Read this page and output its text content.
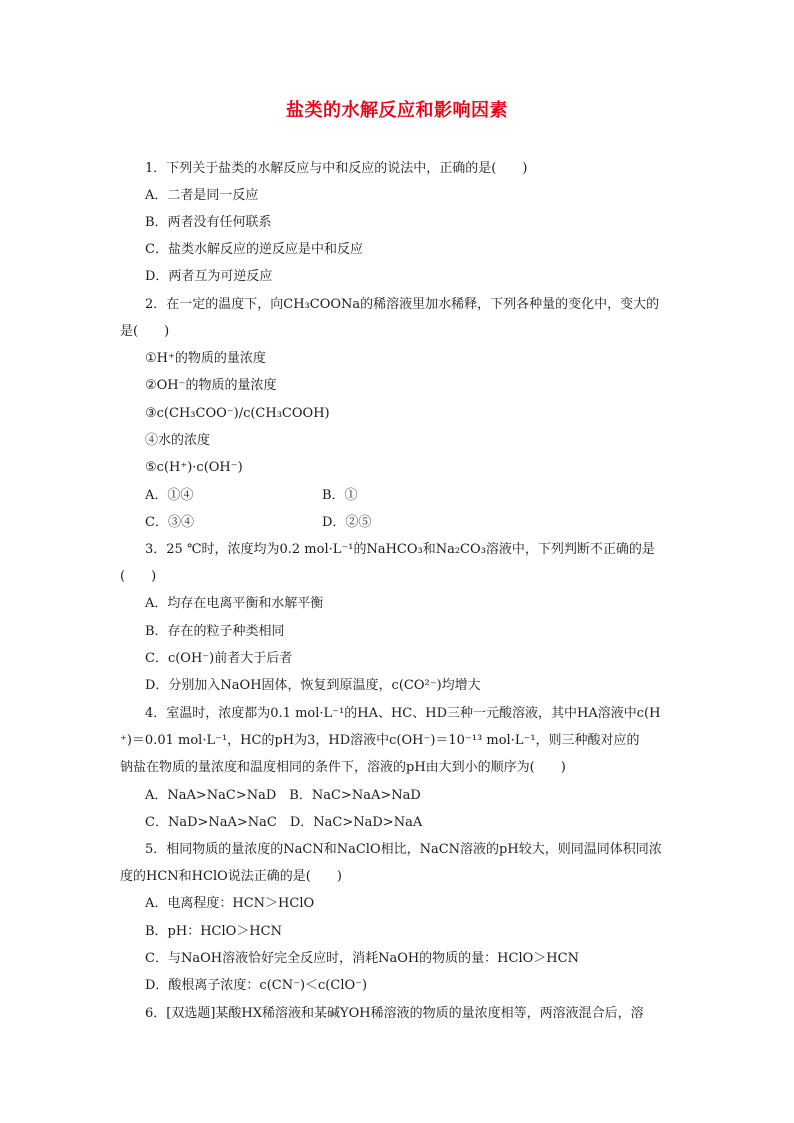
盐类的水解反应和影响因素
1．下列关于盐类的水解反应与中和反应的说法中，正确的是(　　)
A．二者是同一反应
B．两者没有任何联系
C．盐类水解反应的逆反应是中和反应
D．两者互为可逆反应
2．在一定的温度下，向CH₃COONa的稀溶液里加水稀释，下列各种量的变化中，变大的
是(　　)
①H⁺的物质的量浓度
②OH⁻的物质的量浓度
③c(CH₃COO⁻)/c(CH₃COOH)
④水的浓度
⑤c(H⁺)·c(OH⁻)
A．①④	B．①
C．③④	D．②⑤
3．25 ℃时，浓度均为0.2 mol·L⁻¹的NaHCO₃和Na₂CO₃溶液中，下列判断不正确的是
(　　)
A．均存在电离平衡和水解平衡
B．存在的粒子种类相同
C．c(OH⁻)前者大于后者
D．分别加入NaOH固体，恢复到原温度，c(CO²⁻)均增大
4．室温时，浓度都为0.1 mol·L⁻¹的HA、HC、HD三种一元酸溶液，其中HA溶液中c(H
⁺)＝0.01 mol·L⁻¹，HC的pH为3，HD溶液中c(OH⁻)＝10⁻¹³ mol·L⁻¹，则三种酸对应的
钠盐在物质的量浓度和温度相同的条件下，溶液的pH由大到小的顺序为(　　)
A．NaA>NaC>NaD　B．NaC>NaA>NaD
C．NaD>NaA>NaC　D．NaC>NaD>NaA
5．相同物质的量浓度的NaCN和NaClO相比，NaCN溶液的pH较大，则同温同体积同浓
度的HCN和HClO说法正确的是(　　)
A．电离程度：HCN＞HClO
B．pH：HClO＞HCN
C．与NaOH溶液恰好完全反应时，消耗NaOH的物质的量：HClO＞HCN
D．酸根离子浓度：c(CN⁻)＜c(ClO⁻)
6．[双选题]某酸HX稀溶液和某碱YOH稀溶液的物质的量浓度相等，两溶液混合后，溶
